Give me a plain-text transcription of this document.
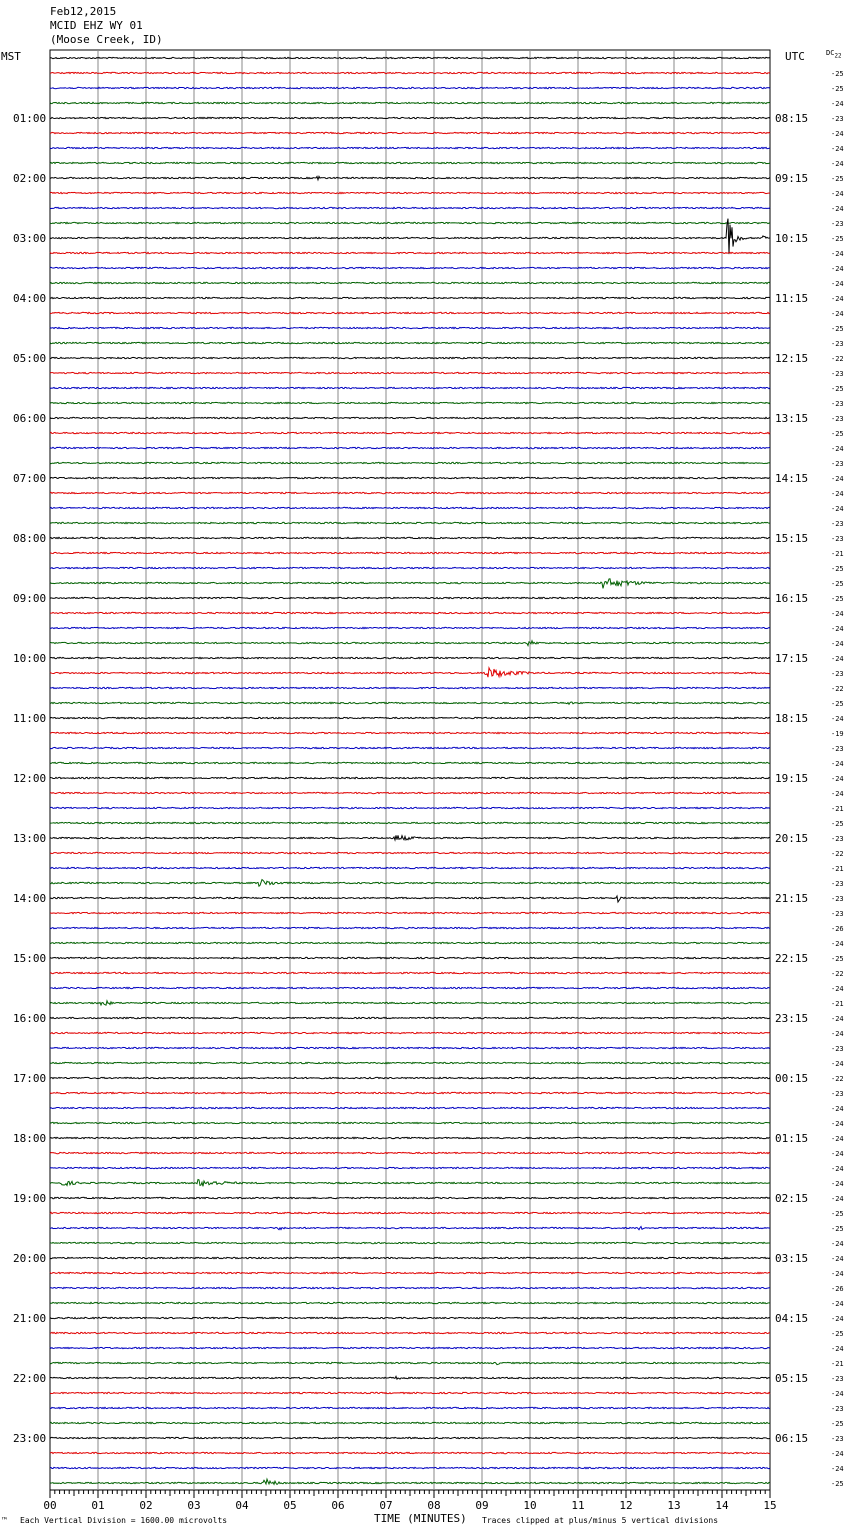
Feb12,2015
MCID EHZ WY 01
(Moose Creek, ID)
MST	UTC	$DC_{22}$
01:00
02:00
03:00
04:00
05:00
06:00
07:00
08:00
09:00
10:00
11:00
12:00
13:00
14:00
15:00
16:00
17:00
18:00
19:00
20:00
21:00
22:00
23:00
08:15
09:15
10:15
11:15
12:15
13:15
14:15
15:15
16:15
17:15
18:15
19:15
20:15
21:15
22:15
23:15
00:15
01:15
02:15
03:15
04:15
05:15
06:15
-25
-25
-24
-23
-24
-24
-24
-25
-24
-24
-23
-25
-24
-24
-24
-24
-24
-25
-23
-22
-23
-25
-23
-23
-25
-24
-23
-24
-24
-24
-23
-23
-21
-25
-25
-25
-24
-24
-24
-24
-23
-22
-25
-24
-19
-23
-24
-24
-24
-21
-25
-23
-22
-21
-23
-23
-23
-26
-24
-25
-22
-24
-21
-24
-24
-23
-24
-22
-23
-24
-24
-24
-24
-24
-24
-24
-25
-25
-24
-24
-24
-26
-24
-24
-25
-24
-21
-23
-24
-23
-25
-23
-24
-24
-25
00	01	02	03	04	05	06	07	08	09	10	11	12	13	14	15
™ Each Vertical Division = 1600.00 microvolts	TIME (MINUTES) Traces clipped at plus/minus 5 vertical divisions
